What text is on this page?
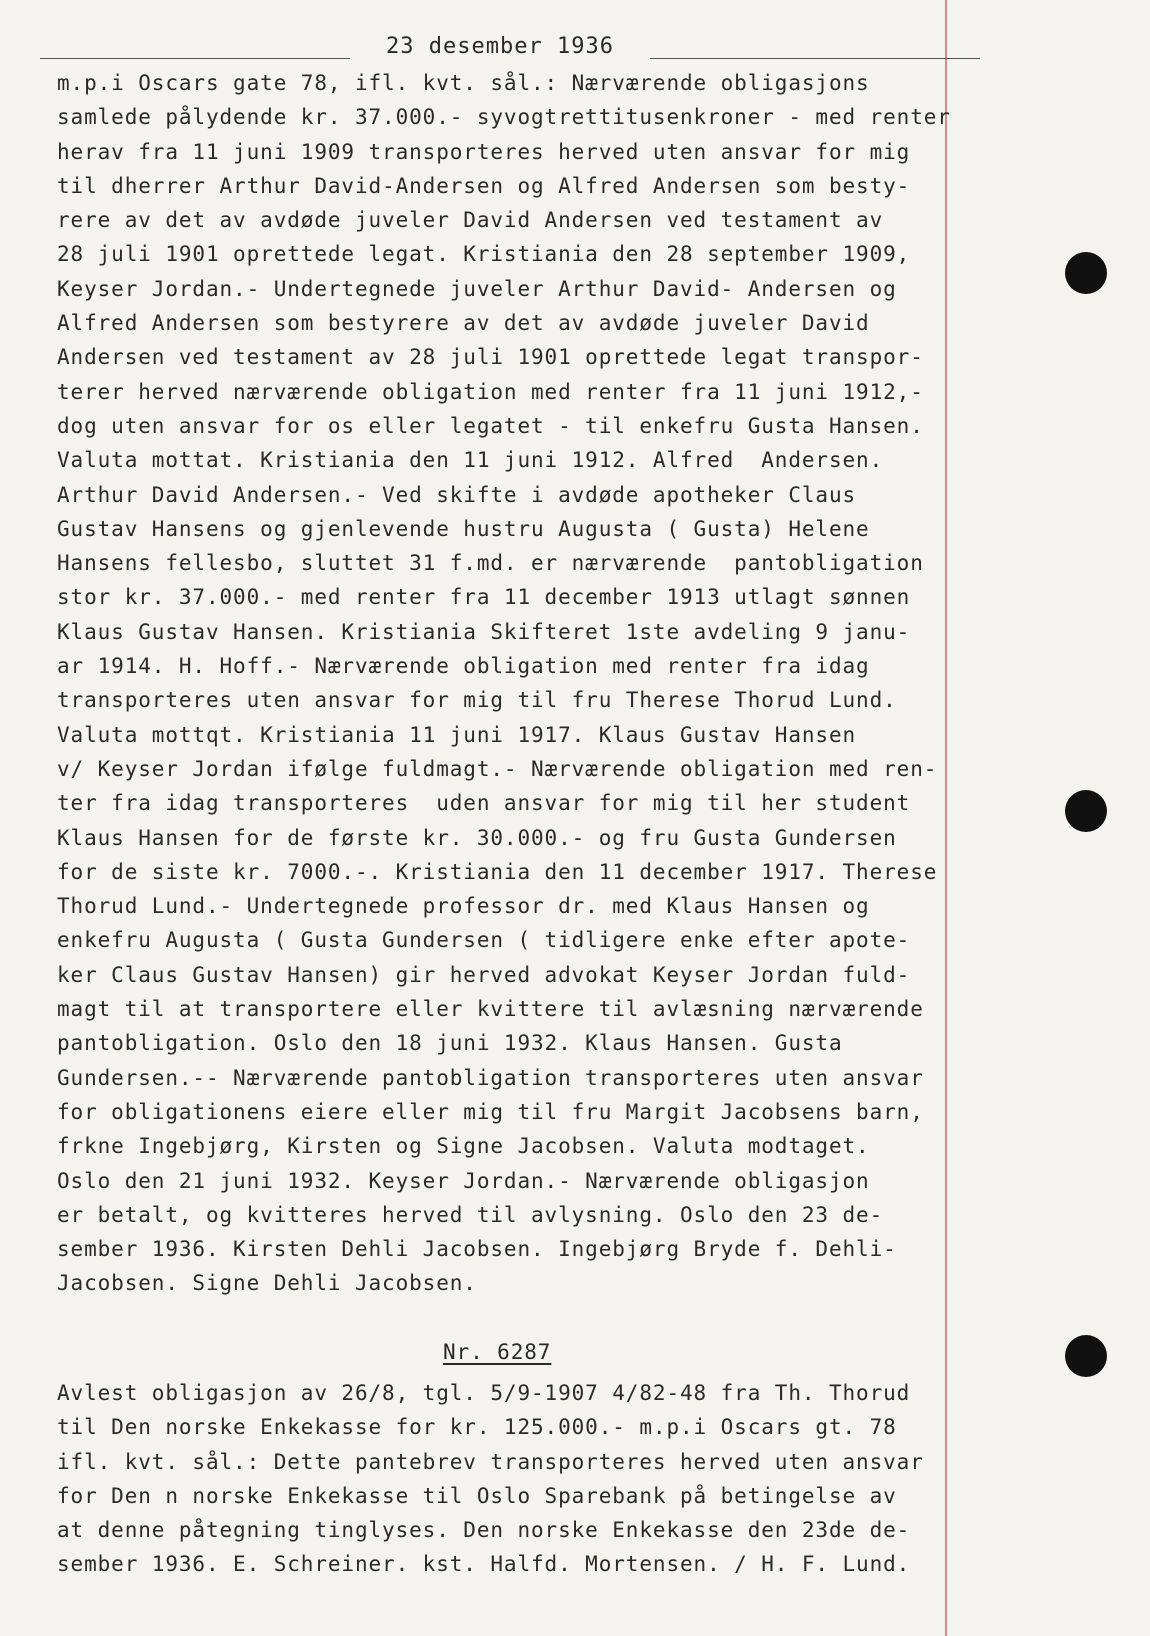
23 desember 1936
m.p.i Oscars gate 78, ifl. kvt. sål.: Nærværende obligasjons
samlede pålydende kr. 37.000.- syvogtrettitusenkroner - med renter
herav fra 11 juni 1909 transporteres herved uten ansvar for mig
til dherrer Arthur David-Andersen og Alfred Andersen som besty-
rere av det av avdøde juveler David Andersen ved testament av
28 juli 1901 oprettede legat. Kristiania den 28 september 1909,
Keyser Jordan.- Undertegnede juveler Arthur David- Andersen og
Alfred Andersen som bestyrere av det av avdøde juveler David
Andersen ved testament av 28 juli 1901 oprettede legat transpor-
terer herved nærværende obligation med renter fra 11 juni 1912,-
dog uten ansvar for os eller legatet - til enkefru Gusta Hansen.
Valuta mottat. Kristiania den 11 juni 1912. Alfred  Andersen.
Arthur David Andersen.- Ved skifte i avdøde apotheker Claus
Gustav Hansens og gjenlevende hustru Augusta ( Gusta) Helene
Hansens fellesbo, sluttet 31 f.md. er nærværende  pantobligation
stor kr. 37.000.- med renter fra 11 december 1913 utlagt sønnen
Klaus Gustav Hansen. Kristiania Skifteret 1ste avdeling 9 janu-
ar 1914. H. Hoff.- Nærværende obligation med renter fra idag
transporteres uten ansvar for mig til fru Therese Thorud Lund.
Valuta mottqt. Kristiania 11 juni 1917. Klaus Gustav Hansen
v/ Keyser Jordan ifølge fuldmagt.- Nærværende obligation med ren-
ter fra idag transporteres  uden ansvar for mig til her student
Klaus Hansen for de første kr. 30.000.- og fru Gusta Gundersen
for de siste kr. 7000.-. Kristiania den 11 december 1917. Therese
Thorud Lund.- Undertegnede professor dr. med Klaus Hansen og
enkefru Augusta ( Gusta Gundersen ( tidligere enke efter apote-
ker Claus Gustav Hansen) gir herved advokat Keyser Jordan fuld-
magt til at transportere eller kvittere til avlæsning nærværende
pantobligation. Oslo den 18 juni 1932. Klaus Hansen. Gusta
Gundersen.-- Nærværende pantobligation transporteres uten ansvar
for obligationens eiere eller mig til fru Margit Jacobsens barn,
frkne Ingebjørg, Kirsten og Signe Jacobsen. Valuta modtaget.
Oslo den 21 juni 1932. Keyser Jordan.- Nærværende obligasjon
er betalt, og kvitteres herved til avlysning. Oslo den 23 de-
sember 1936. Kirsten Dehli Jacobsen. Ingebjørg Bryde f. Dehli-
Jacobsen. Signe Dehli Jacobsen.
Nr. 6287
Avlest obligasjon av 26/8, tgl. 5/9-1907 4/82-48 fra Th. Thorud
til Den norske Enkekasse for kr. 125.000.- m.p.i Oscars gt. 78
ifl. kvt. sål.: Dette pantebrev transporteres herved uten ansvar
for Den n norske Enkekasse til Oslo Sparebank på betingelse av
at denne påtegning tinglyses. Den norske Enkekasse den 23de de-
sember 1936. E. Schreiner. kst. Halfd. Mortensen. / H. F. Lund.
